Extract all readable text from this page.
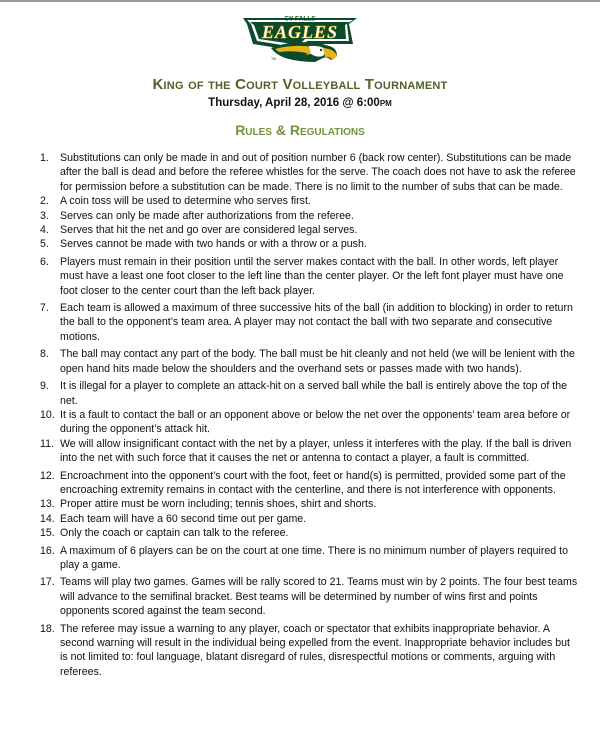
CY FALLS
EAGLES
TM
King of the Court Volleyball Tournament
Thursday, April 28, 2016 @ 6:00pm
Rules & Regulations
1.	Substitutions can only be made in and out of position number 6 (back row center). Substitutions can be made after the ball is dead and before the referee whistles for the serve. The coach does not have to ask the referee for permission before a substitution can be made. There is no limit to the number of subs that can be made.
2.	A coin toss will be used to determine who serves first.
3.	Serves can only be made after authorizations from the referee.
4.	Serves that hit the net and go over are considered legal serves.
5.	Serves cannot be made with two hands or with a throw or a push.
6.	Players must remain in their position until the server makes contact with the ball. In other words, left player must have a least one foot closer to the left line than the center player. Or the left font player must have one foot closer to the center court than the left back player.
7.	Each team is allowed a maximum of three successive hits of the ball (in addition to blocking) in order to return the ball to the opponent’s team area. A player may not contact the ball with two separate and consecutive motions.
8.	The ball may contact any part of the body. The ball must be hit cleanly and not held (we will be lenient with the open hand hits made below the shoulders and the overhand sets or passes made with two hands).
9.	It is illegal for a player to complete an attack-hit on a served ball while the ball is entirely above the top of the net.
10. It is a fault to contact the ball or an opponent above or below the net over the opponents’ team area before or during the opponent’s attack hit.
11. We will allow insignificant contact with the net by a player, unless it interferes with the play. If the ball is driven into the net with such force that it causes the net or antenna to contact a player, a fault is committed.
12. Encroachment into the opponent’s court with the foot, feet or hand(s) is permitted, provided some part of the encroaching extremity remains in contact with the centerline, and there is not interference with opponents.
13. Proper attire must be worn including; tennis shoes, shirt and shorts.
14. Each team will have a 60 second time out per game.
15. Only the coach or captain can talk to the referee.
16. A maximum of 6 players can be on the court at one time. There is no minimum number of players required to play a game.
17. Teams will play two games. Games will be rally scored to 21. Teams must win by 2 points. The four best teams will advance to the semifinal bracket. Best teams will be determined by number of wins first and points opponents scored against the team second.
18. The referee may issue a warning to any player, coach or spectator that exhibits inappropriate behavior. A second warning will result in the individual being expelled from the event. Inappropriate behavior includes but is not limited to: foul language, blatant disregard of rules, disrespectful motions or comments, arguing with referees.
